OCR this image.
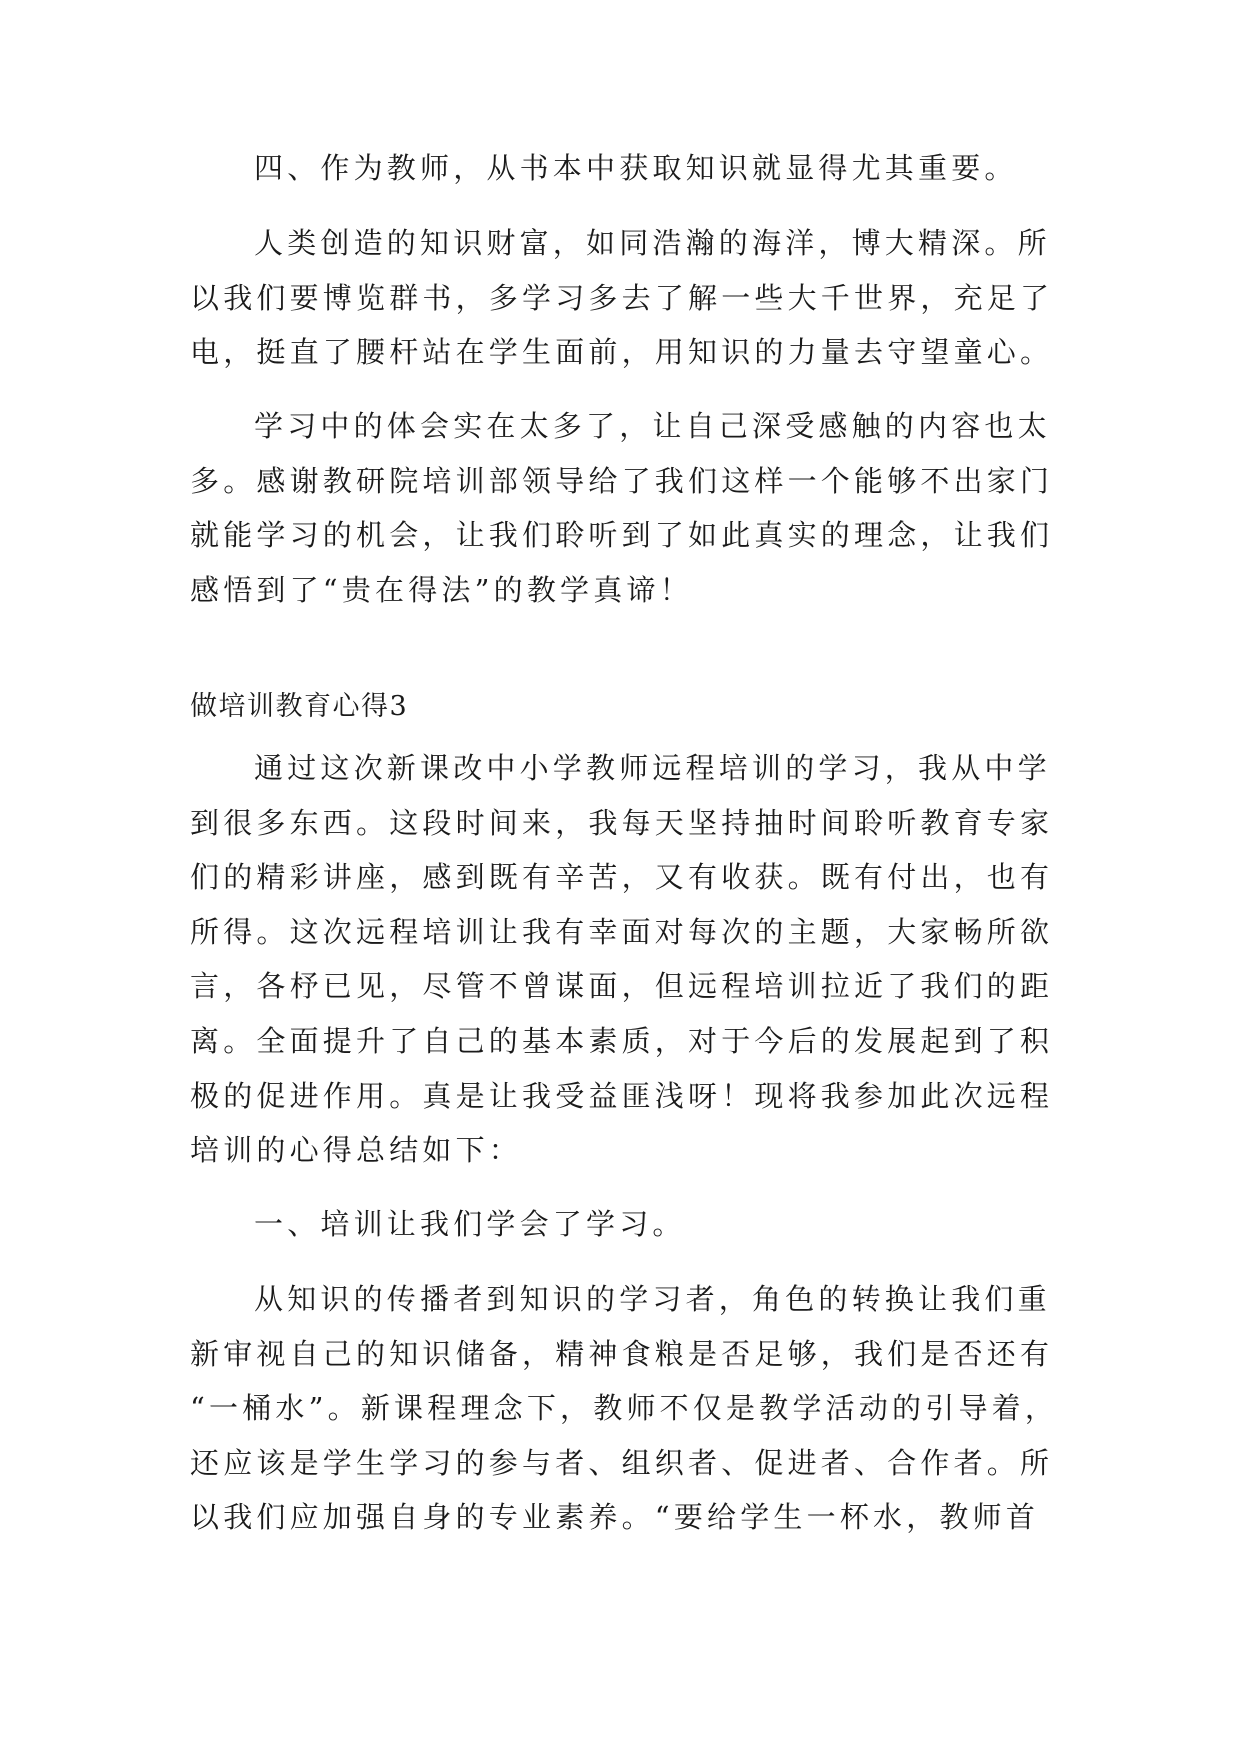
四、作为教师，从书本中获取知识就显得尤其重要。
人类创造的知识财富，如同浩瀚的海洋，博大精深。所
以我们要博览群书，多学习多去了解一些大千世界，充足了
电，挺直了腰杆站在学生面前，用知识的力量去守望童心。
学习中的体会实在太多了，让自己深受感触的内容也太
多。感谢教研院培训部领导给了我们这样一个能够不出家门
就能学习的机会，让我们聆听到了如此真实的理念，让我们
感悟到了“贵在得法”的教学真谛！
做培训教育心得3
通过这次新课改中小学教师远程培训的学习，我从中学
到很多东西。这段时间来，我每天坚持抽时间聆听教育专家
们的精彩讲座，感到既有辛苦，又有收获。既有付出，也有
所得。这次远程培训让我有幸面对每次的主题，大家畅所欲
言，各杼已见，尽管不曾谋面，但远程培训拉近了我们的距
离。全面提升了自己的基本素质，对于今后的发展起到了积
极的促进作用。真是让我受益匪浅呀！现将我参加此次远程
培训的心得总结如下：
一、培训让我们学会了学习。
从知识的传播者到知识的学习者，角色的转换让我们重
新审视自己的知识储备，精神食粮是否足够，我们是否还有
“一桶水”。新课程理念下，教师不仅是教学活动的引导着，
还应该是学生学习的参与者、组织者、促进者、合作者。所
以我们应加强自身的专业素养。“要给学生一杯水，教师首
